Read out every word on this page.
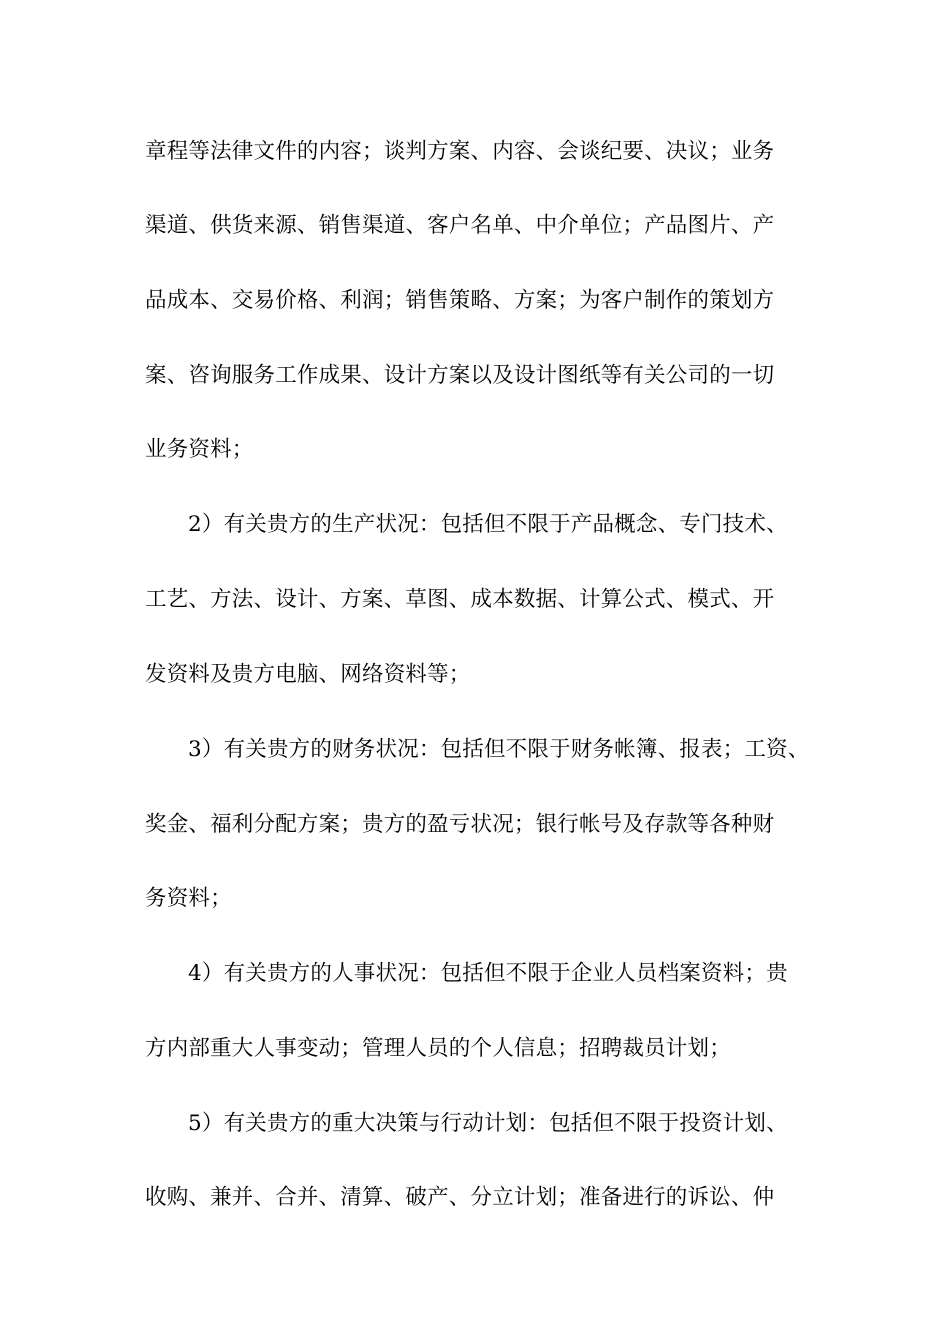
章程等法律文件的内容；谈判方案、内容、会谈纪要、决议；业务
渠道、供货来源、销售渠道、客户名单、中介单位；产品图片、产
品成本、交易价格、利润；销售策略、方案；为客户制作的策划方
案、咨询服务工作成果、设计方案以及设计图纸等有关公司的一切
业务资料；
2）有关贵方的生产状况：包括但不限于产品概念、专门技术、
工艺、方法、设计、方案、草图、成本数据、计算公式、模式、开
发资料及贵方电脑、网络资料等；
3）有关贵方的财务状况：包括但不限于财务帐簿、报表；工资、
奖金、福利分配方案；贵方的盈亏状况；银行帐号及存款等各种财
务资料；
4）有关贵方的人事状况：包括但不限于企业人员档案资料；贵
方内部重大人事变动；管理人员的个人信息；招聘裁员计划；
5）有关贵方的重大决策与行动计划：包括但不限于投资计划、
收购、兼并、合并、清算、破产、分立计划；准备进行的诉讼、仲
